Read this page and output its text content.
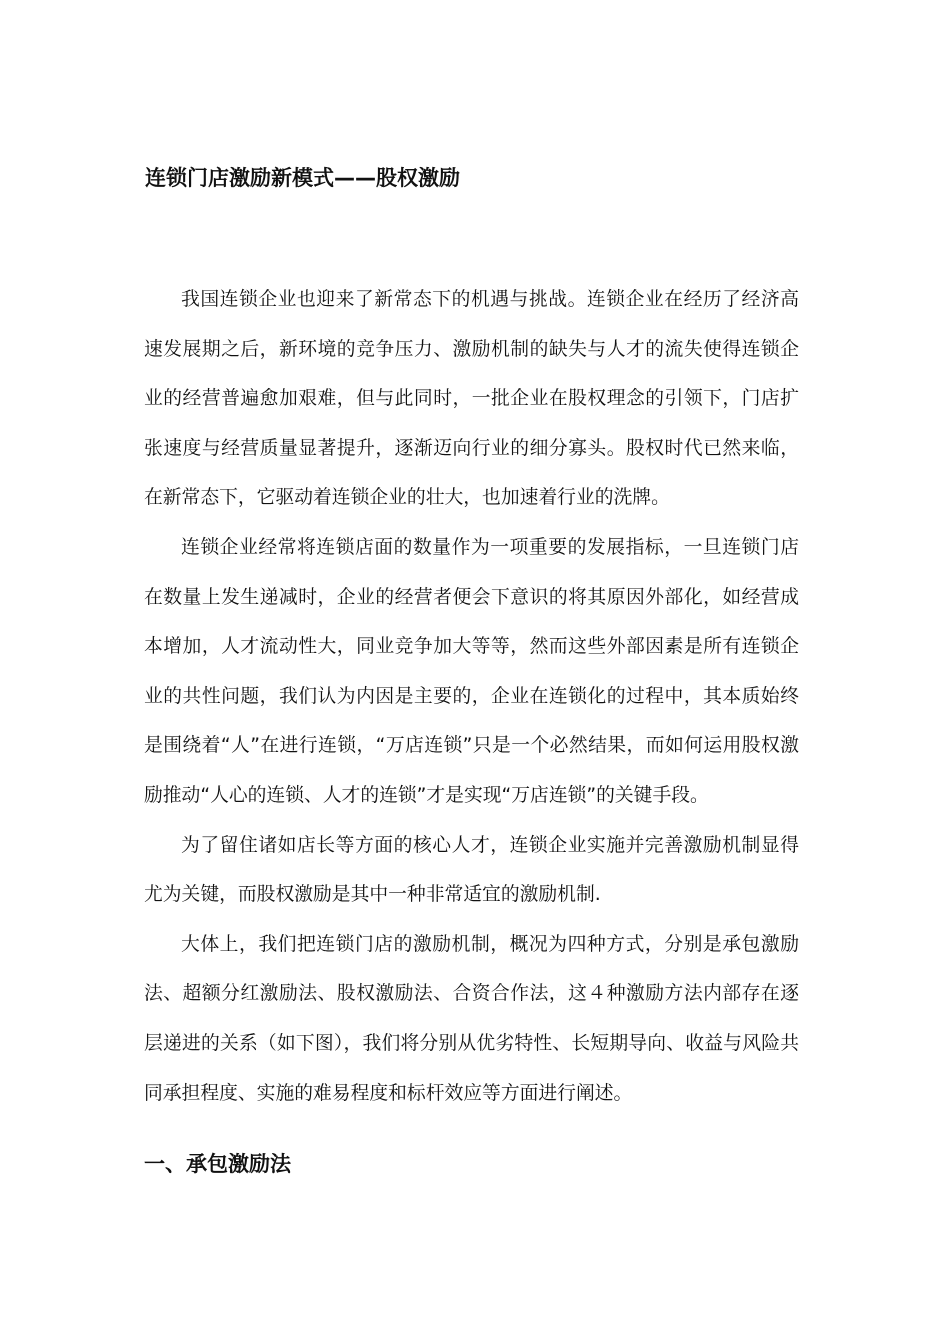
连锁门店激励新模式——股权激励

我国连锁企业也迎来了新常态下的机遇与挑战。连锁企业在经历了经济高速发展期之后，新环境的竞争压力、激励机制的缺失与人才的流失使得连锁企业的经营普遍愈加艰难，但与此同时，一批企业在股权理念的引领下，门店扩张速度与经营质量显著提升，逐渐迈向行业的细分寡头。股权时代已然来临，在新常态下，它驱动着连锁企业的壮大，也加速着行业的洗牌。

连锁企业经常将连锁店面的数量作为一项重要的发展指标，一旦连锁门店在数量上发生递减时，企业的经营者便会下意识的将其原因外部化，如经营成本增加，人才流动性大，同业竞争加大等等，然而这些外部因素是所有连锁企业的共性问题，我们认为内因是主要的，企业在连锁化的过程中，其本质始终是围绕着“人”在进行连锁，“万店连锁”只是一个必然结果，而如何运用股权激励推动“人心的连锁、人才的连锁”才是实现“万店连锁”的关键手段。

为了留住诸如店长等方面的核心人才，连锁企业实施并完善激励机制显得尤为关键，而股权激励是其中一种非常适宜的激励机制.

大体上，我们把连锁门店的激励机制，概况为四种方式，分别是承包激励法、超额分红激励法、股权激励法、合资合作法，这４种激励方法内部存在逐层递进的关系（如下图），我们将分别从优劣特性、长短期导向、收益与风险共同承担程度、实施的难易程度和标杆效应等方面进行阐述。

一、承包激励法
